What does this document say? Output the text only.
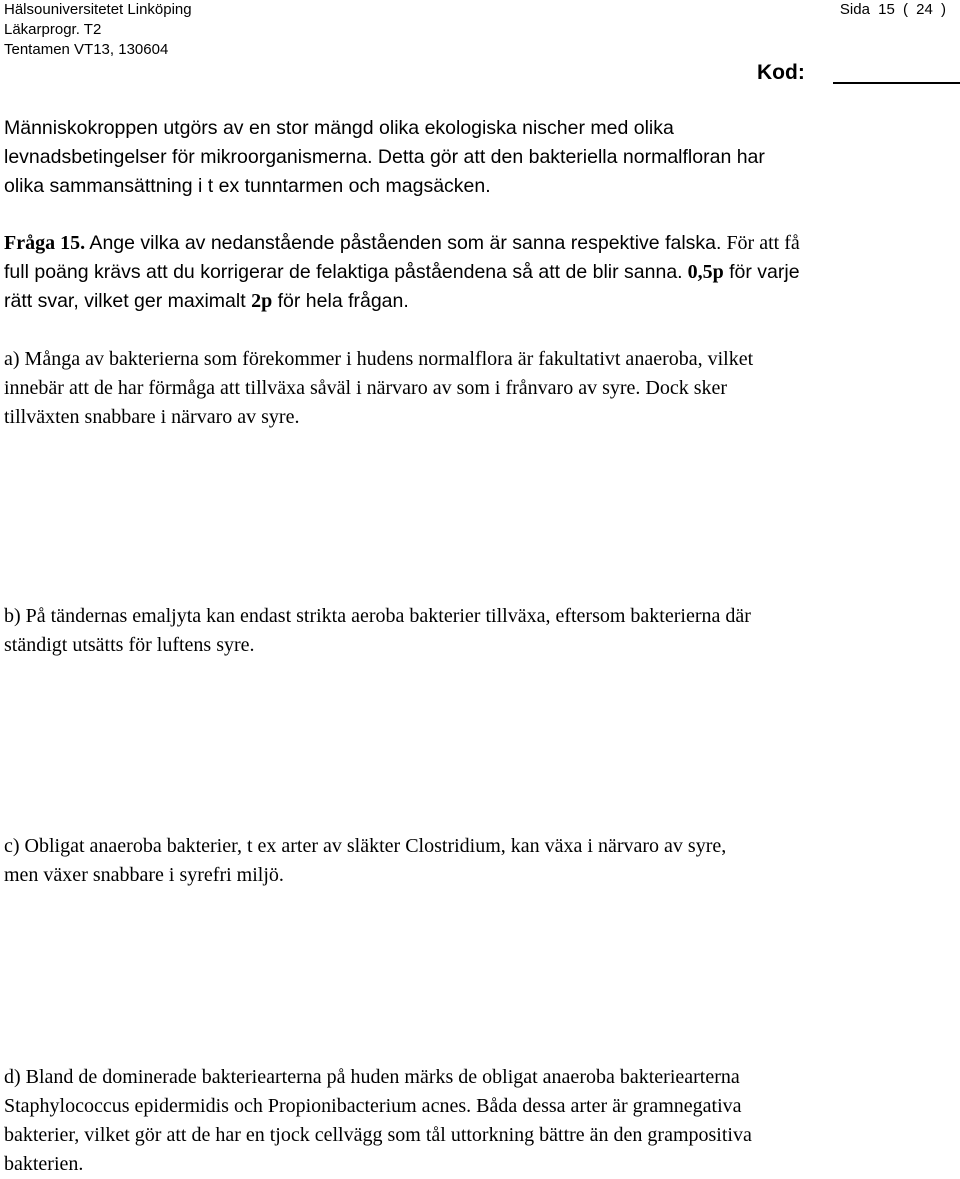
Hälsouniversitetet Linköping
Läkarprogr. T2
Tentamen VT13, 130604
Sida 15 ( 24 )
Kod:
Människokroppen utgörs av en stor mängd olika ekologiska nischer med olika
levnadsbetingelser för mikroorganismerna. Detta gör att den bakteriella normalfloran har
olika sammansättning i t ex tunntarmen och magsäcken.
Fråga 15. Ange vilka av nedanstående påståenden som är sanna respektive falska. För att få
full poäng krävs att du korrigerar de felaktiga påståendena så att de blir sanna. 0,5p för varje
rätt svar, vilket ger maximalt 2p för hela frågan.
a) Många av bakterierna som förekommer i hudens normalflora är fakultativt anaeroba, vilket
innebär att de har förmåga att tillväxa såväl i närvaro av som i frånvaro av syre. Dock sker
tillväxten snabbare i närvaro av syre.
b) På tändernas emaljyta kan endast strikta aeroba bakterier tillväxa, eftersom bakterierna där
ständigt utsätts för luftens syre.
c) Obligat anaeroba bakterier, t ex arter av släkter Clostridium, kan växa i närvaro av syre,
men växer snabbare i syrefri miljö.
d) Bland de dominerade bakteriearterna på huden märks de obligat anaeroba bakteriearterna
Staphylococcus epidermidis och Propionibacterium acnes. Båda dessa arter är gramnegativa
bakterier, vilket gör att de har en tjock cellvägg som tål uttorkning bättre än den grampositiva
bakterien.
